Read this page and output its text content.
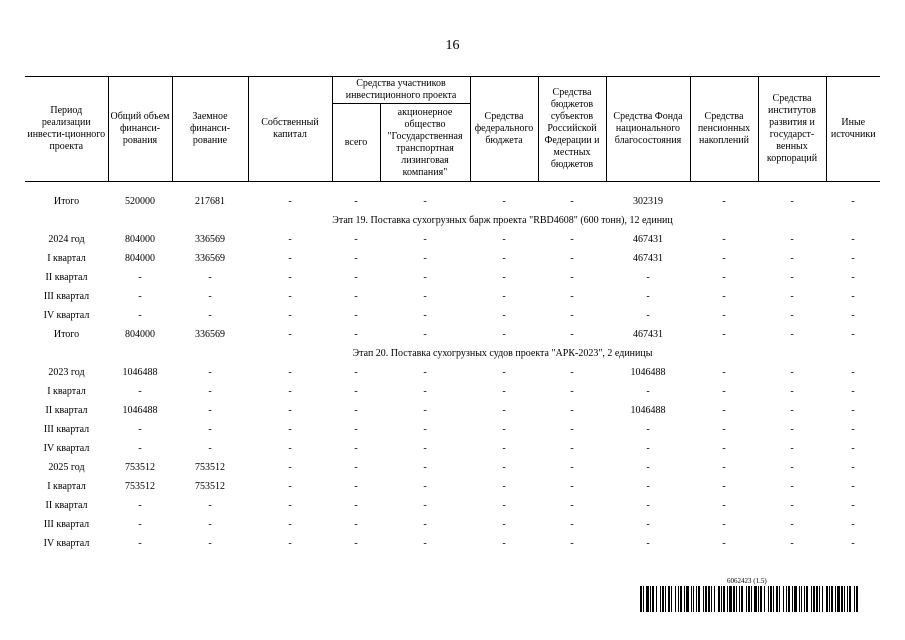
16
Период реализации инвести-ционного проекта	Общий объем финанси-рования	Заемное финанси-рование	Собственный капитал	Средства участников инвестиционного проекта		Средства федерального бюджета	Средства бюджетов субъектов Российской Федерации и местных бюджетов	Средства Фонда национального благосостояния	Средства пенсионных накоплений	Средства институтов развития и государст-венных корпораций	Иные источники
				всего	акционерное общество "Государственная транспортная лизинговая компания"						

Итого	520000	217681	-	-	-	-	-	302319	-	-	-
Этап 19. Поставка сухогрузных барж проекта "RBD4608" (600 тонн), 12 единиц											
2024 год	804000	336569	-	-	-	-	-	467431	-	-	-
I квартал	804000	336569	-	-	-	-	-	467431	-	-	-
II квартал	-	-	-	-	-	-	-	-	-	-	-
III квартал	-	-	-	-	-	-	-	-	-	-	-
IV квартал	-	-	-	-	-	-	-	-	-	-	-
Итого	804000	336569	-	-	-	-	-	467431	-	-	-
Этап 20. Поставка сухогрузных судов проекта "АРК-2023", 2 единицы											
2023 год	1046488	-	-	-	-	-	-	1046488	-	-	-
I квартал	-	-	-	-	-	-	-	-	-	-	-
II квартал	1046488	-	-	-	-	-	-	1046488	-	-	-
III квартал	-	-	-	-	-	-	-	-	-	-	-
IV квартал	-	-	-	-	-	-	-	-	-	-	-
2025 год	753512	753512	-	-	-	-	-	-	-	-	-
I квартал	753512	753512	-	-	-	-	-	-	-	-	-
II квартал	-	-	-	-	-	-	-	-	-	-	-
III квартал	-	-	-	-	-	-	-	-	-	-	-
IV квартал	-	-	-	-	-	-	-	-	-	-	-
6062423 (1.5)
